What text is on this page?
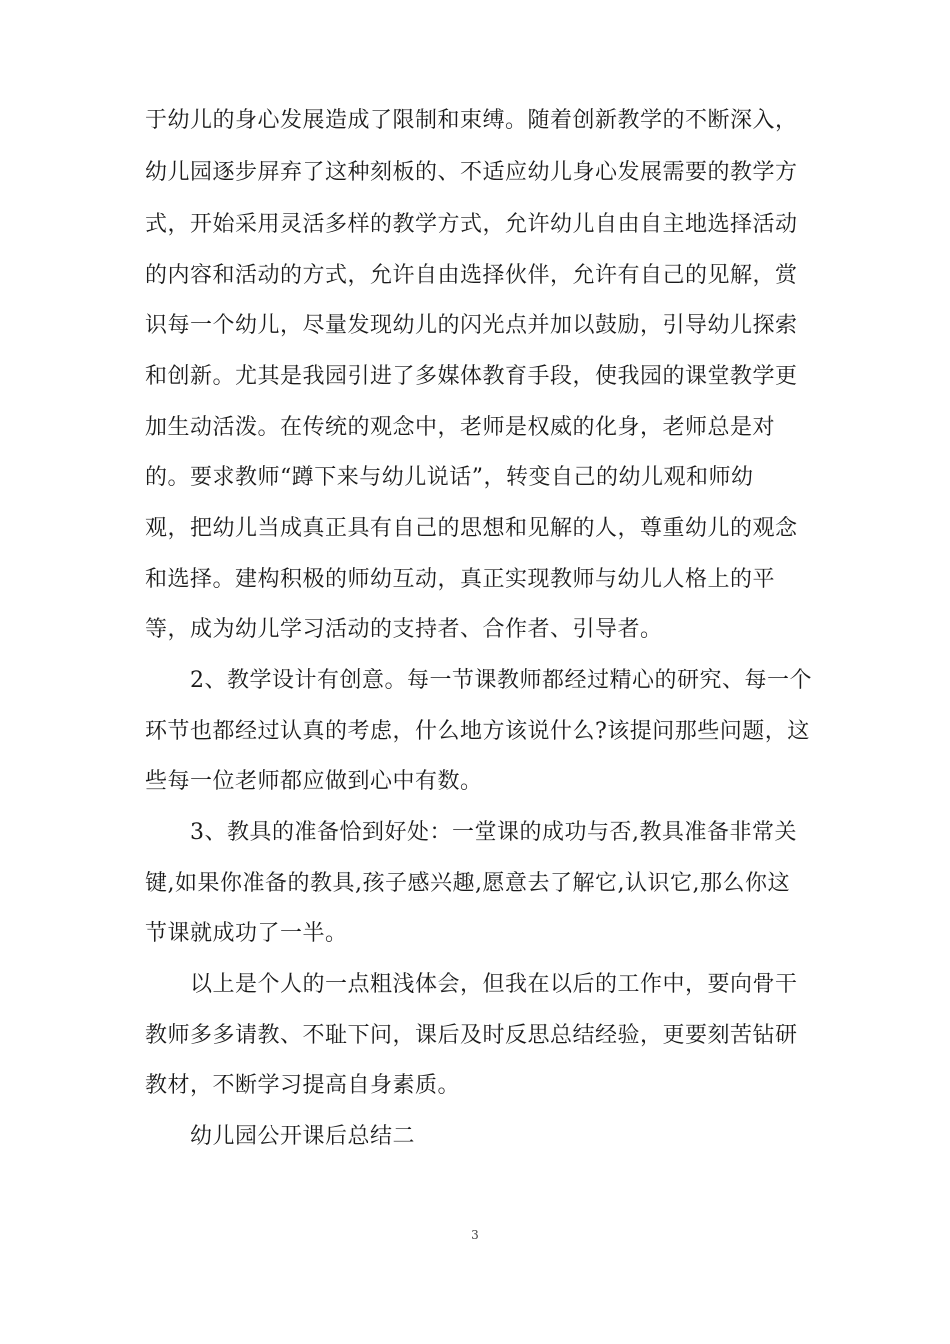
于幼儿的身心发展造成了限制和束缚。随着创新教学的不断深入，
幼儿园逐步屏弃了这种刻板的、不适应幼儿身心发展需要的教学方
式，开始采用灵活多样的教学方式，允许幼儿自由自主地选择活动
的内容和活动的方式，允许自由选择伙伴，允许有自己的见解，赏
识每一个幼儿，尽量发现幼儿的闪光点并加以鼓励，引导幼儿探索
和创新。尤其是我园引进了多媒体教育手段，使我园的课堂教学更
加生动活泼。在传统的观念中，老师是权威的化身，老师总是对
的。要求教师“蹲下来与幼儿说话”，转变自己的幼儿观和师幼
观，把幼儿当成真正具有自己的思想和见解的人，尊重幼儿的观念
和选择。建构积极的师幼互动，真正实现教师与幼儿人格上的平
等，成为幼儿学习活动的支持者、合作者、引导者。
2、教学设计有创意。每一节课教师都经过精心的研究、每一个
环节也都经过认真的考虑，什么地方该说什么?该提问那些问题，这
些每一位老师都应做到心中有数。
3、教具的准备恰到好处：一堂课的成功与否,教具准备非常关
键,如果你准备的教具,孩子感兴趣,愿意去了解它,认识它,那么你这
节课就成功了一半。
以上是个人的一点粗浅体会，但我在以后的工作中，要向骨干
教师多多请教、不耻下问，课后及时反思总结经验，更要刻苦钻研
教材，不断学习提高自身素质。
幼儿园公开课后总结二
3
